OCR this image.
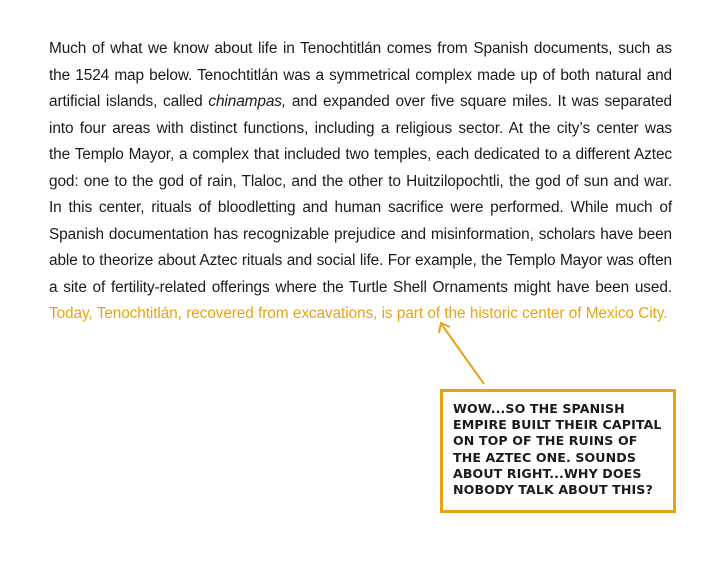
Much of what we know about life in Tenochtitlán comes from Spanish documents, such as
the 1524 map below. Tenochtitlán was a symmetrical complex made up of both natural and
artificial islands, called chinampas, and expanded over five square miles. It was separated
into four areas with distinct functions, including a religious sector. At the city’s center was
the Templo Mayor, a complex that included two temples, each dedicated to a different Aztec
god: one to the god of rain, Tlaloc, and the other to Huitzilopochtli, the god of sun and war.
In this center, rituals of bloodletting and human sacrifice were performed. While much of
Spanish documentation has recognizable prejudice and misinformation, scholars have been
able to theorize about Aztec rituals and social life. For example, the Templo Mayor was often
a site of fertility-related offerings where the Turtle Shell Ornaments might have been used.
Today, Tenochtitlán, recovered from excavations, is part of the historic center of Mexico City.

WOW...SO THE SPANISH
EMPIRE BUILT THEIR CAPITAL
ON TOP OF THE RUINS OF
THE AZTEC ONE. SOUNDS
ABOUT RIGHT...WHY DOES
NOBODY TALK ABOUT THIS?
